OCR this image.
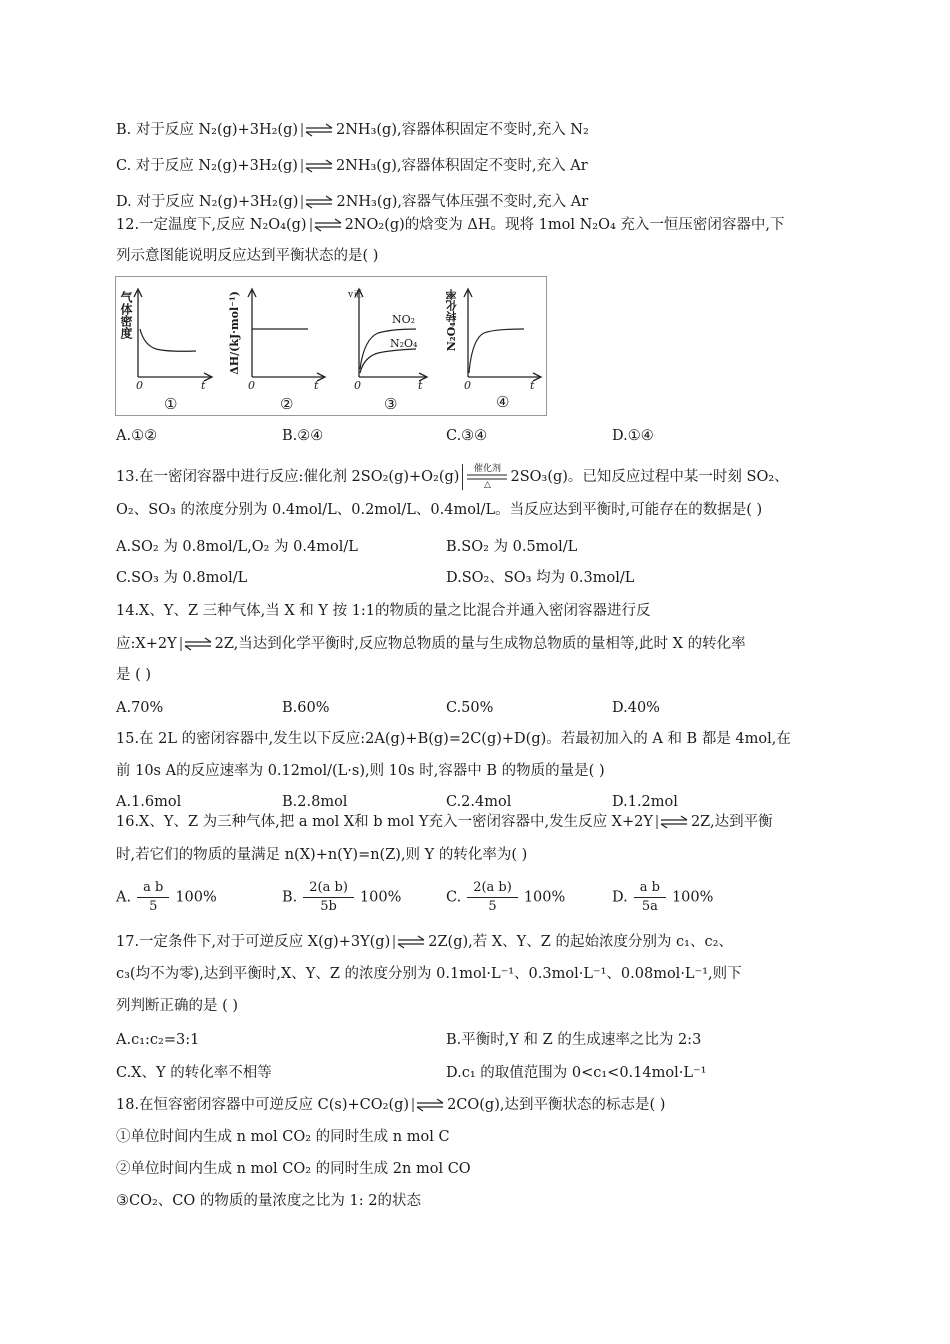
B. 对于反应 N₂(g)+3H₂(g)	2NH₃(g),容器体积固定不变时,充入 N₂
C. 对于反应 N₂(g)+3H₂(g)	2NH₃(g),容器体积固定不变时,充入 Ar
D. 对于反应 N₂(g)+3H₂(g)	2NH₃(g),容器气体压强不变时,充入 Ar
12.一定温度下,反应 N₂O₄(g)	2NO₂(g)的焓变为 ΔH。现将 1mol N₂O₄ 充入一恒压密闭容器中,下
列示意图能说明反应达到平衡状态的是( )
气体密度
0	t
①
ΔH/(kJ·mol⁻¹)
0	t
②
v正
NO₂
N₂O₄
0	t
③
N₂O₄转化率
0	t
④
A.①②	B.②④	C.③④	D.①④
13.在一密闭容器中进行反应:催化剂 2SO₂(g)+O₂(g) 催化剂
△ 2SO₃(g)。已知反应过程中某一时刻 SO₂、
O₂、SO₃ 的浓度分别为 0.4mol/L、0.2mol/L、0.4mol/L。当反应达到平衡时,可能存在的数据是( )
A.SO₂ 为 0.8mol/L,O₂ 为 0.4mol/L	B.SO₂ 为 0.5mol/L
C.SO₃ 为 0.8mol/L	D.SO₂、SO₃ 均为 0.3mol/L
14.X、Y、Z 三种气体,当 X 和 Y 按 1:1的物质的量之比混合并通入密闭容器进行反
应:X+2Y	2Z,当达到化学平衡时,反应物总物质的量与生成物总物质的量相等,此时 X 的转化率
是 ( )
A.70%	B.60%	C.50%	D.40%
15.在 2L 的密闭容器中,发生以下反应:2A(g)+B(g)=2C(g)+D(g)。若最初加入的 A 和 B 都是 4mol,在
前 10s A的反应速率为 0.12mol/(L·s),则 10s 时,容器中 B 的物质的量是( )
A.1.6mol	B.2.8mol	C.2.4mol	D.1.2mol
16.X、Y、Z 为三种气体,把 a mol X和 b mol Y充入一密闭容器中,发生反应 X+2Y	2Z,达到平衡
时,若它们的物质的量满足 n(X)+n(Y)=n(Z),则 Y 的转化率为( )
A. $\frac{\text{a b}}{5} 100\%$	B. $\frac{\text{2(a b)}}{5b} 100\%$	C. $\frac{\text{2(a b)}}{5} 100\%$	D. $\frac{\text{a b}}{5a} 100\%$
17.一定条件下,对于可逆反应 X(g)+3Y(g)	2Z(g),若 X、Y、Z 的起始浓度分别为 c₁、c₂、
c₃(均不为零),达到平衡时,X、Y、Z 的浓度分别为 0.1mol·L⁻¹、0.3mol·L⁻¹、0.08mol·L⁻¹,则下
列判断正确的是 ( )
A.c₁:c₂=3:1	B.平衡时,Y 和 Z 的生成速率之比为 2:3
C.X、Y 的转化率不相等	D.c₁ 的取值范围为 0<c₁<0.14mol·L⁻¹
18.在恒容密闭容器中可逆反应 C(s)+CO₂(g)	2CO(g),达到平衡状态的标志是( )
①单位时间内生成 n mol CO₂ 的同时生成 n mol C
②单位时间内生成 n mol CO₂ 的同时生成 2n mol CO
③CO₂、CO 的物质的量浓度之比为 1: 2的状态
